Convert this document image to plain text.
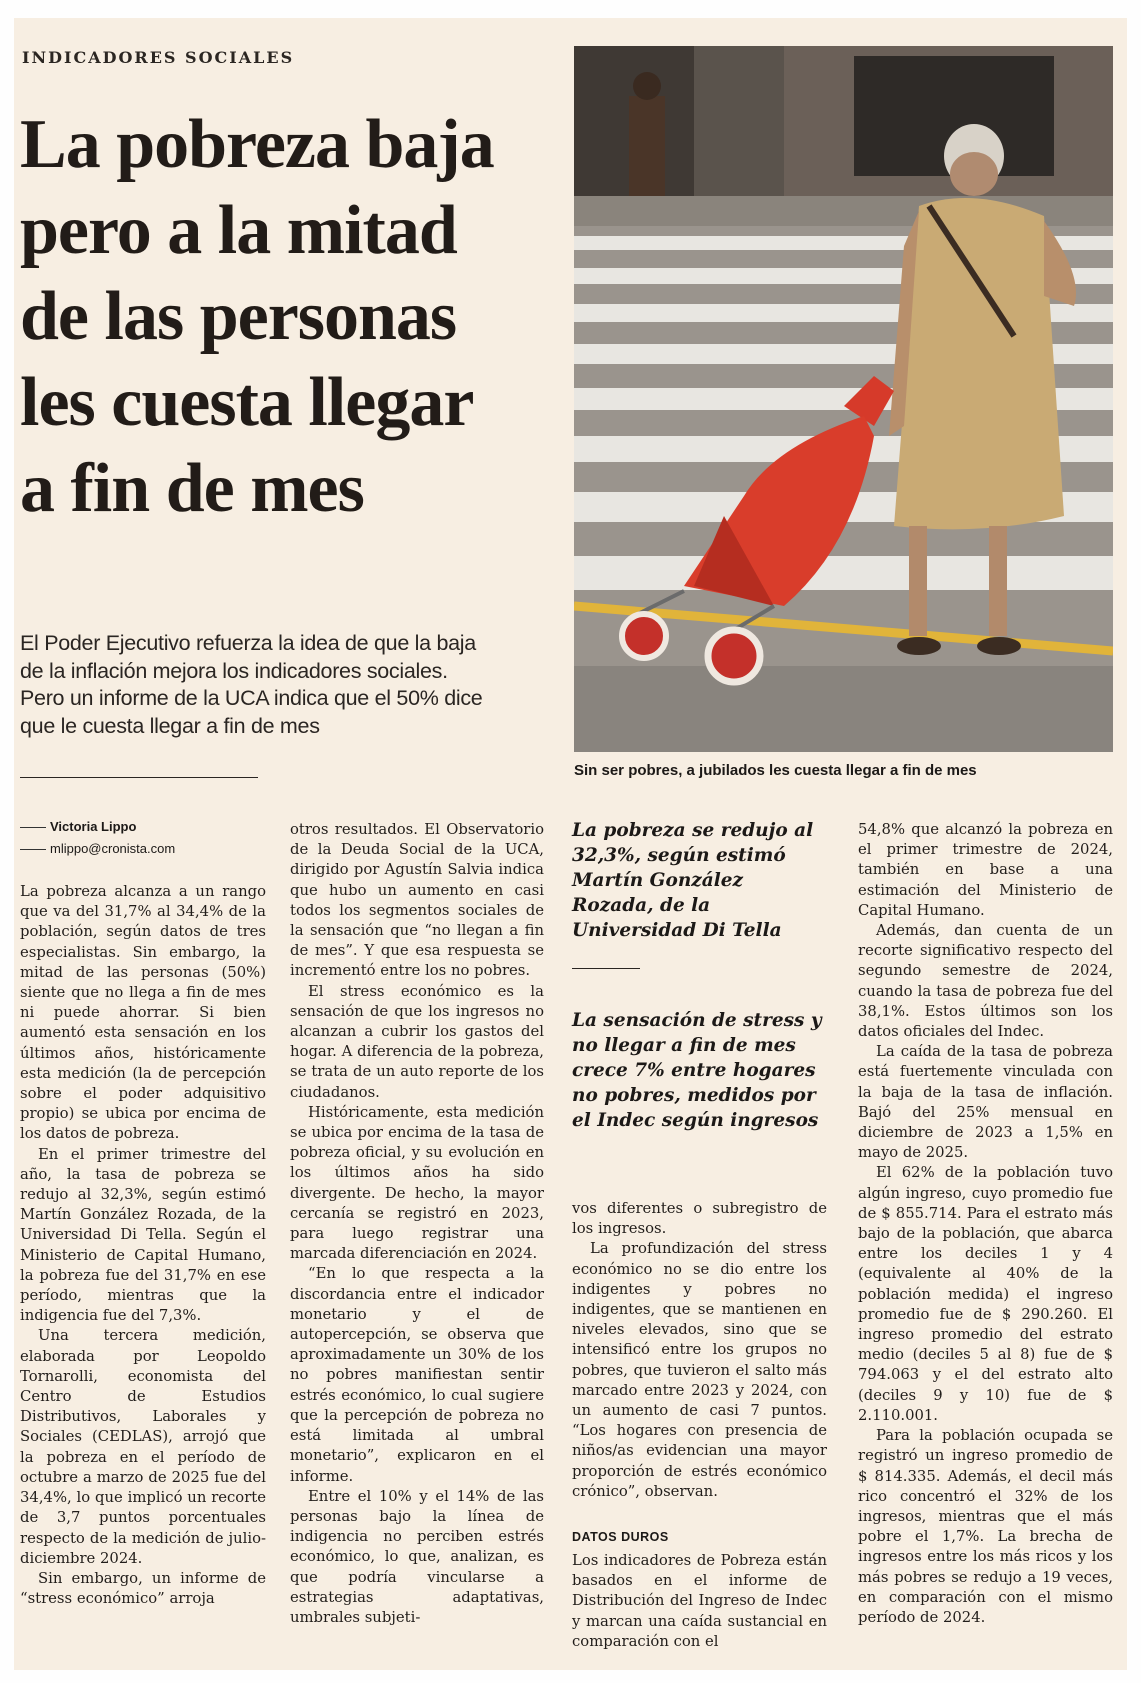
INDICADORES SOCIALES
La pobreza baja
pero a la mitad
de las personas
les cuesta llegar
a fin de mes
El Poder Ejecutivo refuerza la idea de que la baja
de la inflación mejora los indicadores sociales.
Pero un informe de la UCA indica que el 50% dice
que le cuesta llegar a fin de mes
Sin ser pobres, a jubilados les cuesta llegar a fin de mes
Victoria Lippo
mlippo@cronista.com

La pobreza alcanza a un rango que va del 31,7% al 34,4% de la población, según datos de tres especialistas. Sin embargo, la mitad de las personas (50%) siente que no llega a fin de mes ni puede ahorrar. Si bien aumentó esta sensación en los últimos años, históricamente esta medición (la de percepción sobre el poder adquisitivo propio) se ubica por encima de los datos de pobreza.

En el primer trimestre del año, la tasa de pobreza se redujo al 32,3%, según estimó Martín González Rozada, de la Universidad Di Tella. Según el Ministerio de Capital Humano, la pobreza fue del 31,7% en ese período, mientras que la indigencia fue del 7,3%.

Una tercera medición, elaborada por Leopoldo Tornarolli, economista del Centro de Estudios Distributivos, Laborales y Sociales (CEDLAS), arrojó que la pobreza en el período de octubre a marzo de 2025 fue del 34,4%, lo que implicó un recorte de 3,7 puntos porcentuales respecto de la medición de julio-diciembre 2024.

Sin embargo, un informe de “stress económico” arroja

otros resultados. El Observatorio de la Deuda Social de la UCA, dirigido por Agustín Salvia indica que hubo un aumento en casi todos los segmentos sociales de la sensación que “no llegan a fin de mes”. Y que esa respuesta se incrementó entre los no pobres.

El stress económico es la sensación de que los ingresos no alcanzan a cubrir los gastos del hogar. A diferencia de la pobreza, se trata de un auto reporte de los ciudadanos.

Históricamente, esta medición se ubica por encima de la tasa de pobreza oficial, y su evolución en los últimos años ha sido divergente. De hecho, la mayor cercanía se registró en 2023, para luego registrar una marcada diferenciación en 2024.

“En lo que respecta a la discordancia entre el indicador monetario y el de autopercepción, se observa que aproximadamente un 30% de los no pobres manifiestan sentir estrés económico, lo cual sugiere que la percepción de pobreza no está limitada al umbral monetario”, explicaron en el informe.

Entre el 10% y el 14% de las personas bajo la línea de indigencia no perciben estrés económico, lo que, analizan, es que podría vincularse a estrategias adaptativas, umbrales subjeti-

La pobreza se redujo al 32,3%, según estimó Martín González Rozada, de la Universidad Di Tella
La sensación de stress y no llegar a fin de mes crece 7% entre hogares no pobres, medidos por el Indec según ingresos

vos diferentes o subregistro de los ingresos.

La profundización del stress económico no se dio entre los indigentes y pobres no indigentes, que se mantienen en niveles elevados, sino que se intensificó entre los grupos no pobres, que tuvieron el salto más marcado entre 2023 y 2024, con un aumento de casi 7 puntos. “Los hogares con presencia de niños/as evidencian una mayor proporción de estrés económico crónico”, observan.

DATOS DUROS

Los indicadores de Pobreza están basados en el informe de Distribución del Ingreso de Indec y marcan una caída sustancial en comparación con el

54,8% que alcanzó la pobreza en el primer trimestre de 2024, también en base a una estimación del Ministerio de Capital Humano.

Además, dan cuenta de un recorte significativo respecto del segundo semestre de 2024, cuando la tasa de pobreza fue del 38,1%. Estos últimos son los datos oficiales del Indec.

La caída de la tasa de pobreza está fuertemente vinculada con la baja de la tasa de inflación. Bajó del 25% mensual en diciembre de 2023 a 1,5% en mayo de 2025.

El 62% de la población tuvo algún ingreso, cuyo promedio fue de $ 855.714. Para el estrato más bajo de la población, que abarca entre los deciles 1 y 4 (equivalente al 40% de la población medida) el ingreso promedio fue de $ 290.260. El ingreso promedio del estrato medio (deciles 5 al 8) fue de $ 794.063 y el del estrato alto (deciles 9 y 10) fue de $ 2.110.001.

Para la población ocupada se registró un ingreso promedio de $ 814.335. Además, el decil más rico concentró el 32% de los ingresos, mientras que el más pobre el 1,7%. La brecha de ingresos entre los más ricos y los más pobres se redujo a 19 veces, en comparación con el mismo período de 2024.
